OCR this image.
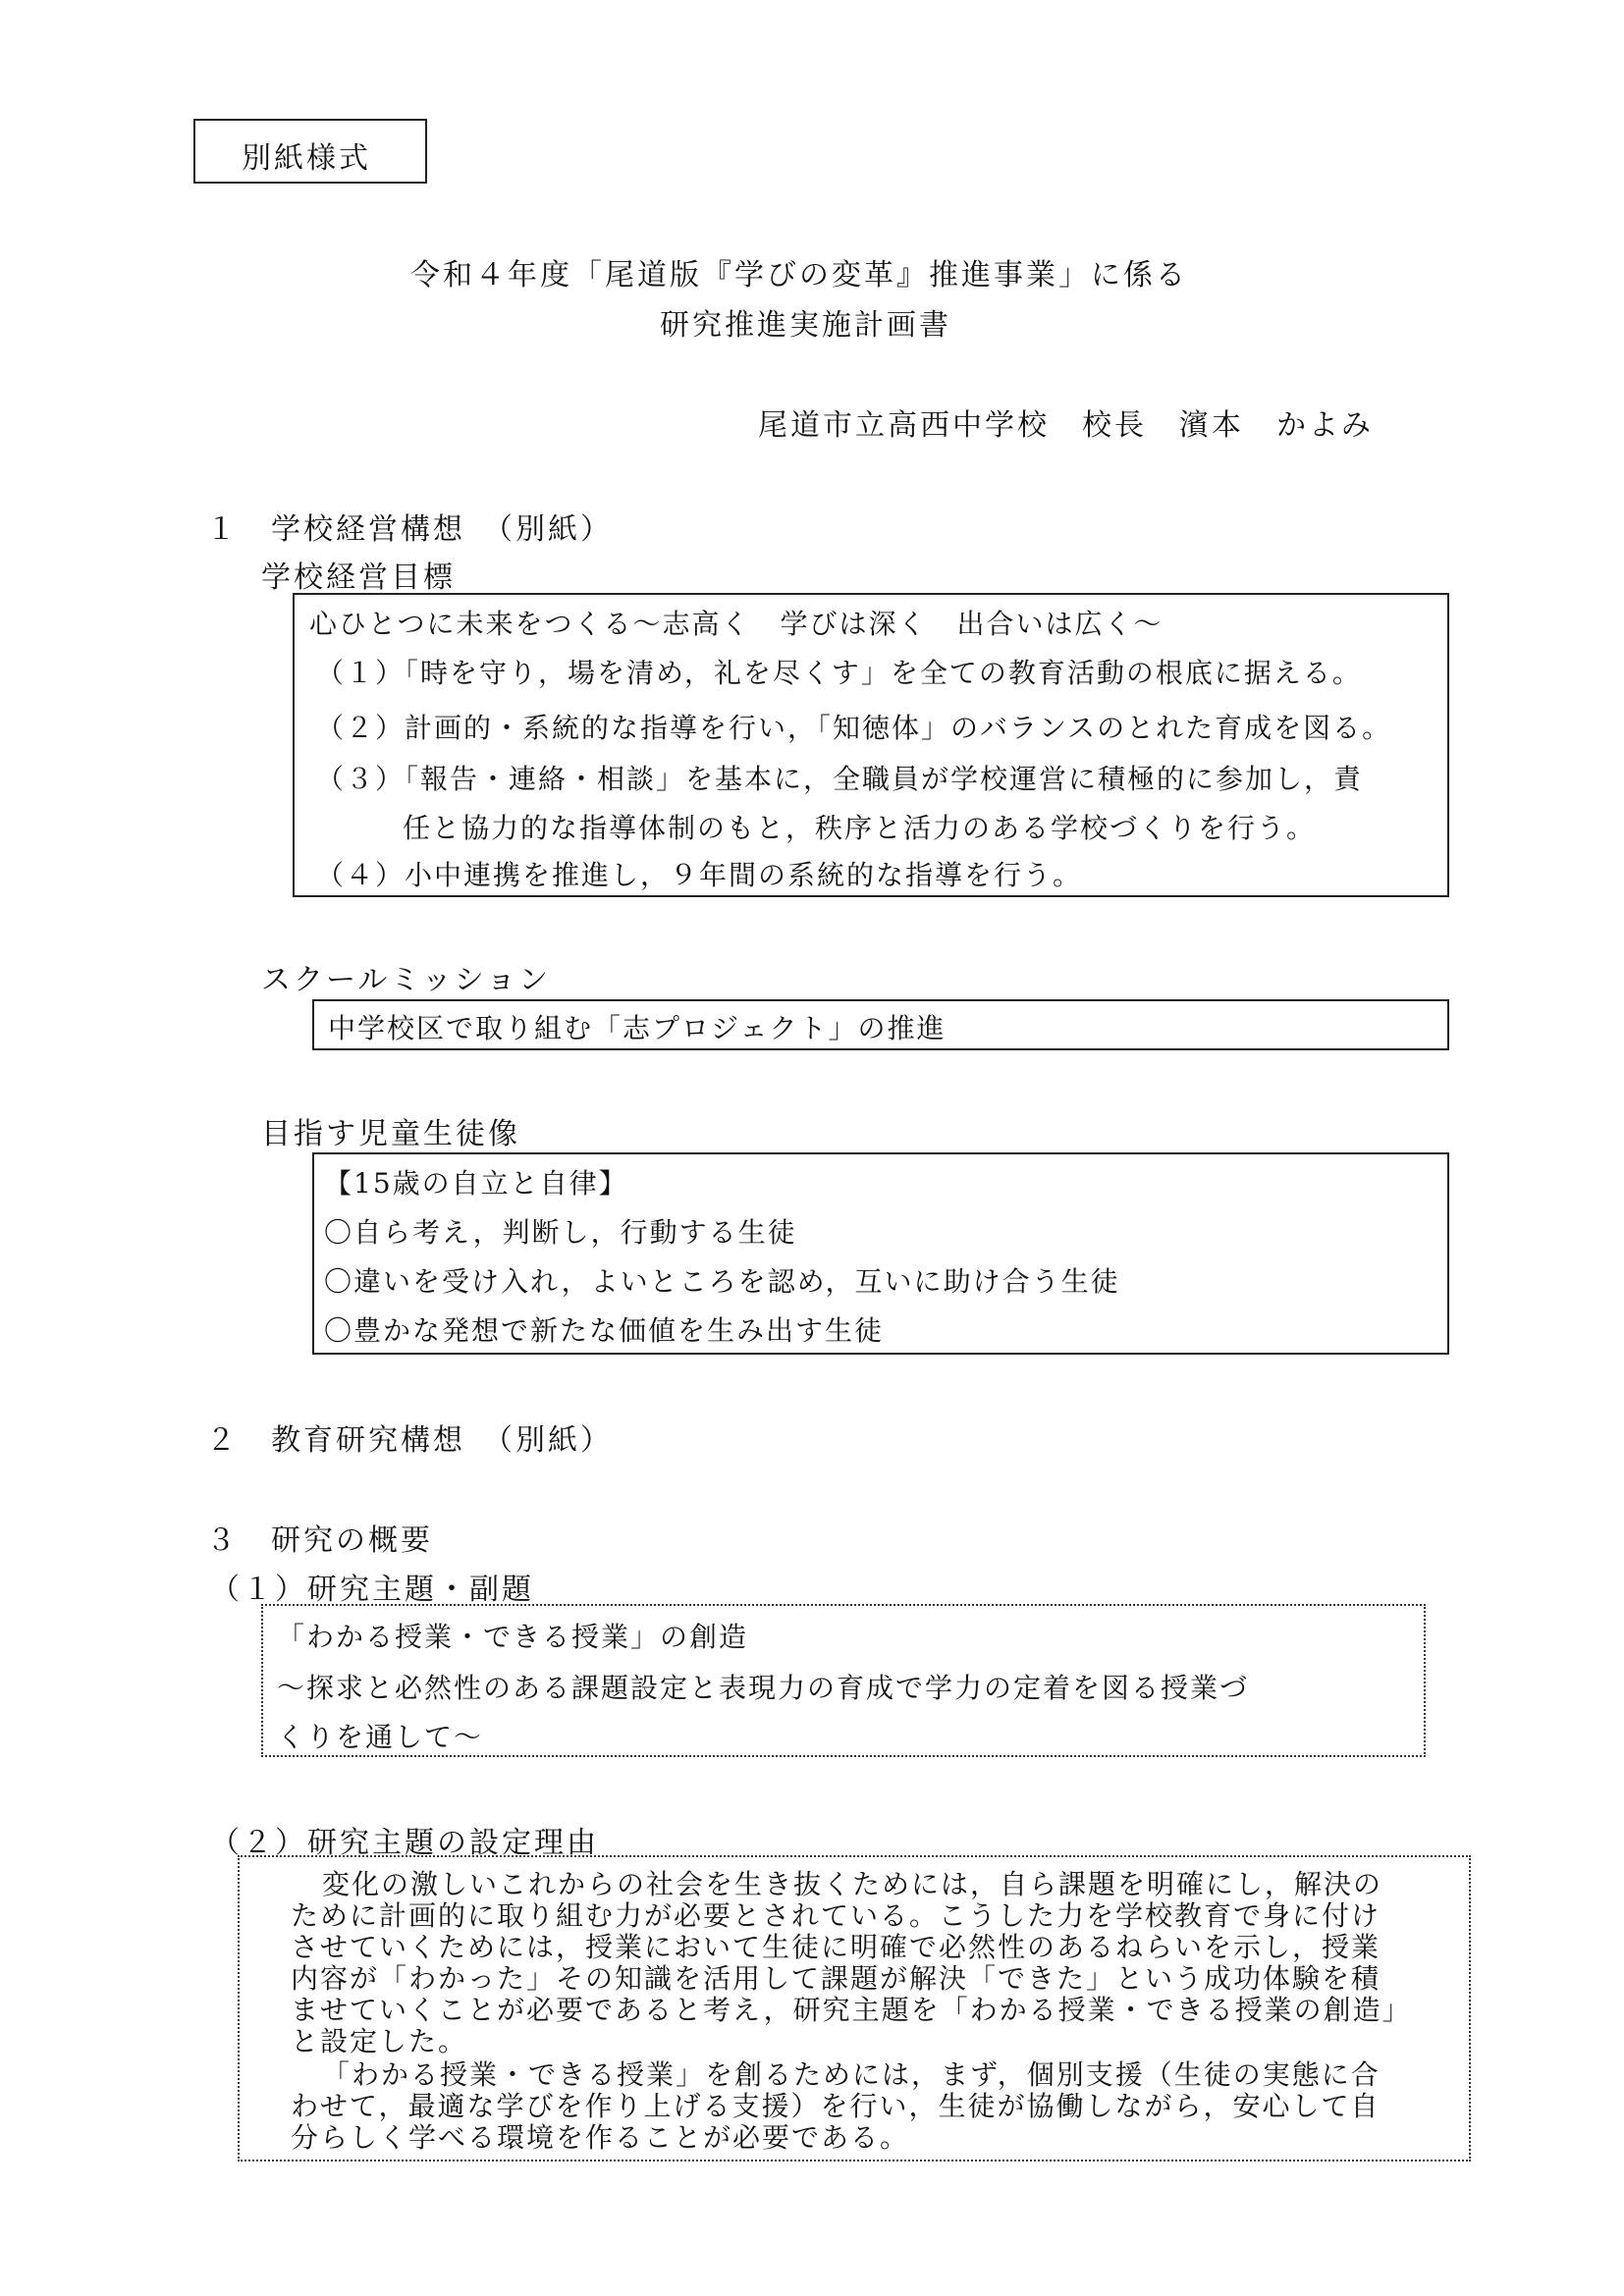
別紙様式
令和４年度「尾道版『学びの変革』推進事業」に係る
研究推進実施計画書
尾道市立高西中学校　校長　濱本　かよみ
１　学校経営構想　（別紙）
学校経営目標
心ひとつに未来をつくる～志高く　学びは深く　出合いは広く～
（１）「時を守り，場を清め，礼を尽くす」を全ての教育活動の根底に据える。
（２）計画的・系統的な指導を行い，「知徳体」のバランスのとれた育成を図る。
（３）「報告・連絡・相談」を基本に，全職員が学校運営に積極的に参加し，責
任と協力的な指導体制のもと，秩序と活力のある学校づくりを行う。
（４）小中連携を推進し，９年間の系統的な指導を行う。
スクールミッション
中学校区で取り組む「志プロジェクト」の推進
目指す児童生徒像
【15歳の自立と自律】
〇自ら考え，判断し，行動する生徒
〇違いを受け入れ，よいところを認め，互いに助け合う生徒
〇豊かな発想で新たな価値を生み出す生徒
２　教育研究構想　（別紙）
３　研究の概要
（１）研究主題・副題
「わかる授業・できる授業」の創造
～探求と必然性のある課題設定と表現力の育成で学力の定着を図る授業づ
くりを通して～
（２）研究主題の設定理由
変化の激しいこれからの社会を生き抜くためには，自ら課題を明確にし，解決の
ために計画的に取り組む力が必要とされている。こうした力を学校教育で身に付け
させていくためには，授業において生徒に明確で必然性のあるねらいを示し，授業
内容が「わかった」その知識を活用して課題が解決「できた」という成功体験を積
ませていくことが必要であると考え，研究主題を「わかる授業・できる授業の創造」
と設定した。
「わかる授業・できる授業」を創るためには，まず，個別支援（生徒の実態に合
わせて，最適な学びを作り上げる支援）を行い，生徒が協働しながら，安心して自
分らしく学べる環境を作ることが必要である。
